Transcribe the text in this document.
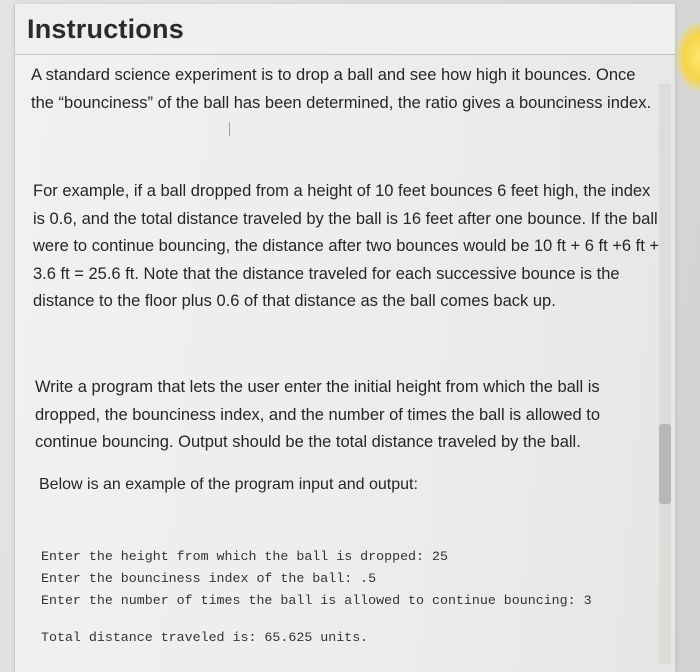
Instructions

A standard science experiment is to drop a ball and see how high it bounces. Once the “bounciness” of the ball has been determined, the ratio gives a bounciness index.

For example, if a ball dropped from a height of 10 feet bounces 6 feet high, the index is 0.6, and the total distance traveled by the ball is 16 feet after one bounce. If the ball were to continue bouncing, the distance after two bounces would be 10 ft + 6 ft +6 ft + 3.6 ft = 25.6 ft. Note that the distance traveled for each successive bounce is the distance to the floor plus 0.6 of that distance as the ball comes back up.

Write a program that lets the user enter the initial height from which the ball is dropped, the bounciness index, and the number of times the ball is allowed to continue bouncing. Output should be the total distance traveled by the ball.

Below is an example of the program input and output:

Enter the height from which the ball is dropped: 25
Enter the bounciness index of the ball: .5
Enter the number of times the ball is allowed to continue bouncing: 3
Total distance traveled is: 65.625 units.
